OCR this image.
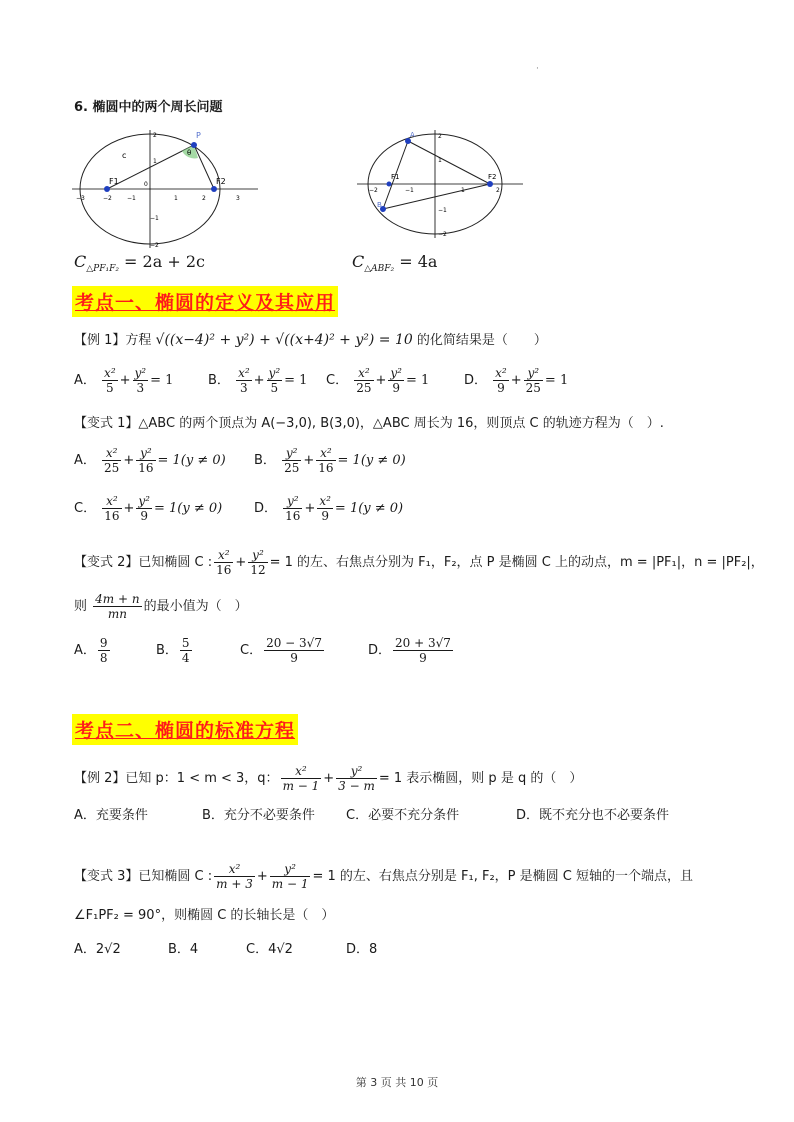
·
6. 椭圆中的两个周长问题
P
F1	F2
θ
c
−3	−2	−1
0
1	2	3
2
1
−1
−2
A
B
F1	F2
−2	−1	1	2
2
1
−1
−2
$C_{\triangle PF_1F_2} = 2a + 2c$	$C_{\triangle ABF_2} = 4a$
考点一、椭圆的定义及其应用
【例 1】方程 √((x−4)² + y²) + √((x+4)² + y²) = 10 的化简结果是（　　）
A． $\frac{\text{x²}}{5} + \frac{\text{y²}}{3} = 1$	B． $\frac{\text{x²}}{3} + \frac{\text{y²}}{5} = 1$ C． $\frac{\text{x²}}{25} + \frac{\text{y²}}{9} = 1$	D． $\frac{\text{x²}}{9} + \frac{\text{y²}}{25} = 1$
【变式 1】△ABC 的两个顶点为 A(−3,0), B(3,0)，△ABC 周长为 16，则顶点 C 的轨迹方程为（　）.
A． $\frac{\text{x²}}{25} + \frac{\text{y²}}{16} = 1(y \ne 0)$ B． $\frac{\text{y²}}{25} + \frac{\text{x²}}{16} = 1(y \ne 0)$
C． $\frac{\text{x²}}{16} + \frac{\text{y²}}{9} = 1(y \ne 0)$ D． $\frac{\text{y²}}{16} + \frac{\text{x²}}{9} = 1(y \ne 0)$
【变式 2】已知椭圆 C : $\frac{\text{x²}}{16} + \frac{\text{y²}}{12} = 1$ 的左、右焦点分别为 F₁，F₂，点 P 是椭圆 C 上的动点，m = |PF₁|，n = |PF₂|，
则 $\frac{4m + n}{mn}$ 的最小值为（　）
A． $\frac{9}{8}$	B． $\frac{5}{4}$	C． $\frac{20 - 3√7}{9}$	D． $\frac{20 + 3√7}{9}$
考点二、椭圆的标准方程
【例 2】已知 p：1 < m < 3，q： $\frac{\text{x²}}{m - 1} + \frac{\text{y²}}{3 - m} = 1$ 表示椭圆，则 p 是 q 的（　）
A．充要条件	B．充分不必要条件 C．必要不充分条件	D．既不充分也不必要条件
【变式 3】已知椭圆 C : $\frac{\text{x²}}{m + 3} + \frac{\text{y²}}{m - 1} = 1$ 的左、右焦点分别是 F₁, F₂，P 是椭圆 C 短轴的一个端点，且
∠F₁PF₂ = 90°，则椭圆 C 的长轴长是（　）
A．2√2	B．4	C．4√2	D．8
第 3 页 共 10 页
